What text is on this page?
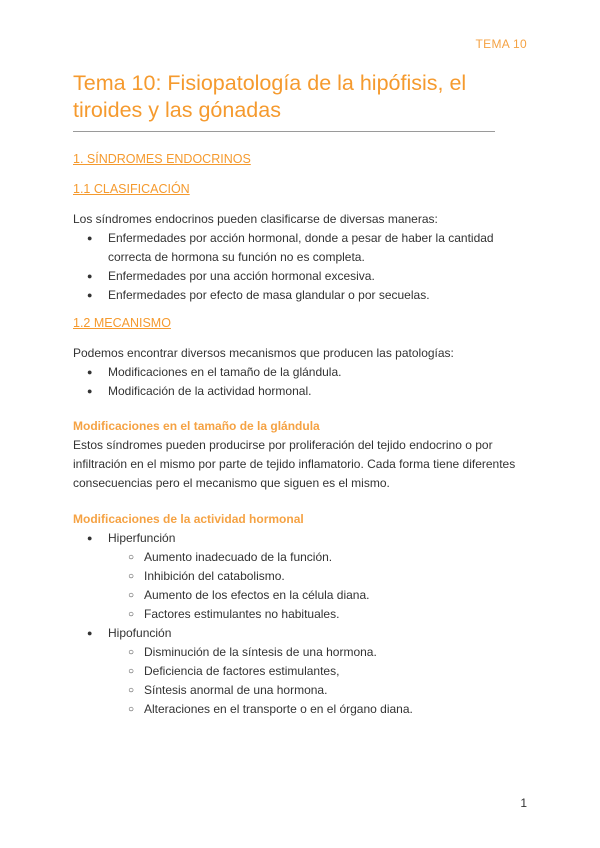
TEMA 10
Tema 10: Fisiopatología de la hipófisis, el tiroides y las gónadas
1. SÍNDROMES ENDOCRINOS
1.1 CLASIFICACIÓN

Los síndromes endocrinos pueden clasificarse de diversas maneras:

● Enfermedades por acción hormonal, donde a pesar de haber la cantidad correcta de hormona su función no es completa.
● Enfermedades por una acción hormonal excesiva.
● Enfermedades por efecto de masa glandular o por secuelas.
1.2 MECANISMO

Podemos encontrar diversos mecanismos que producen las patologías:

● Modificaciones en el tamaño de la glándula.
● Modificación de la actividad hormonal.
Modificaciones en el tamaño de la glándula

Estos síndromes pueden producirse por proliferación del tejido endocrino o por infiltración en el mismo por parte de tejido inflamatorio. Cada forma tiene diferentes consecuencias pero el mecanismo que siguen es el mismo.

Modificaciones de la actividad hormonal
● Hiperfunción
○ Aumento inadecuado de la función.
○ Inhibición del catabolismo.
○ Aumento de los efectos en la célula diana.
○ Factores estimulantes no habituales.
● Hipofunción
○ Disminución de la síntesis de una hormona.
○ Deficiencia de factores estimulantes,
○ Síntesis anormal de una hormona.
○ Alteraciones en el transporte o en el órgano diana.
1
